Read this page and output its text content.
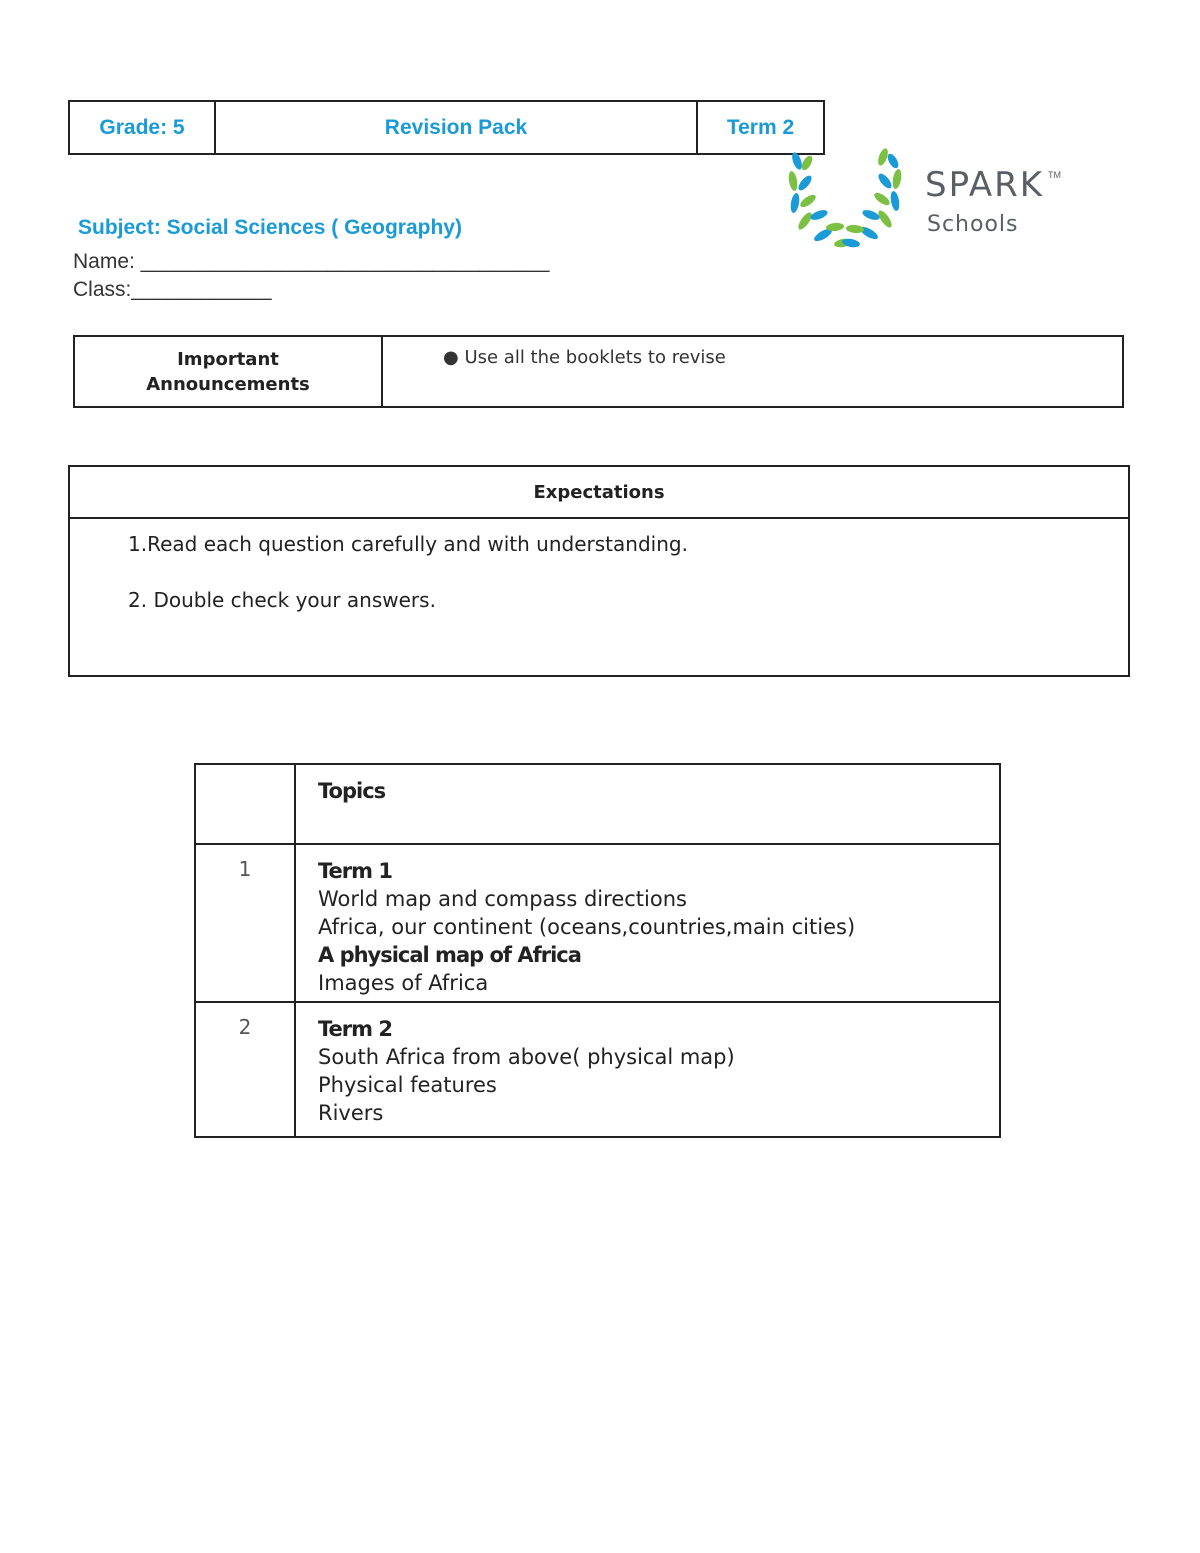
Grade: 5	Revision Pack	Term 2
SPARK TM
Schools
Subject: Social Sciences ( Geography)
Name: ___________________________________
Class:____________
Important
Announcements
● Use all the booklets to revise
Expectations
1.Read each question carefully and with understanding.
2. Double check your answers.
Topics
1	Term 1
World map and compass directions
Africa, our continent (oceans,countries,main cities)
A physical map of Africa
Images of Africa
2	Term 2
South Africa from above( physical map)
Physical features
Rivers
